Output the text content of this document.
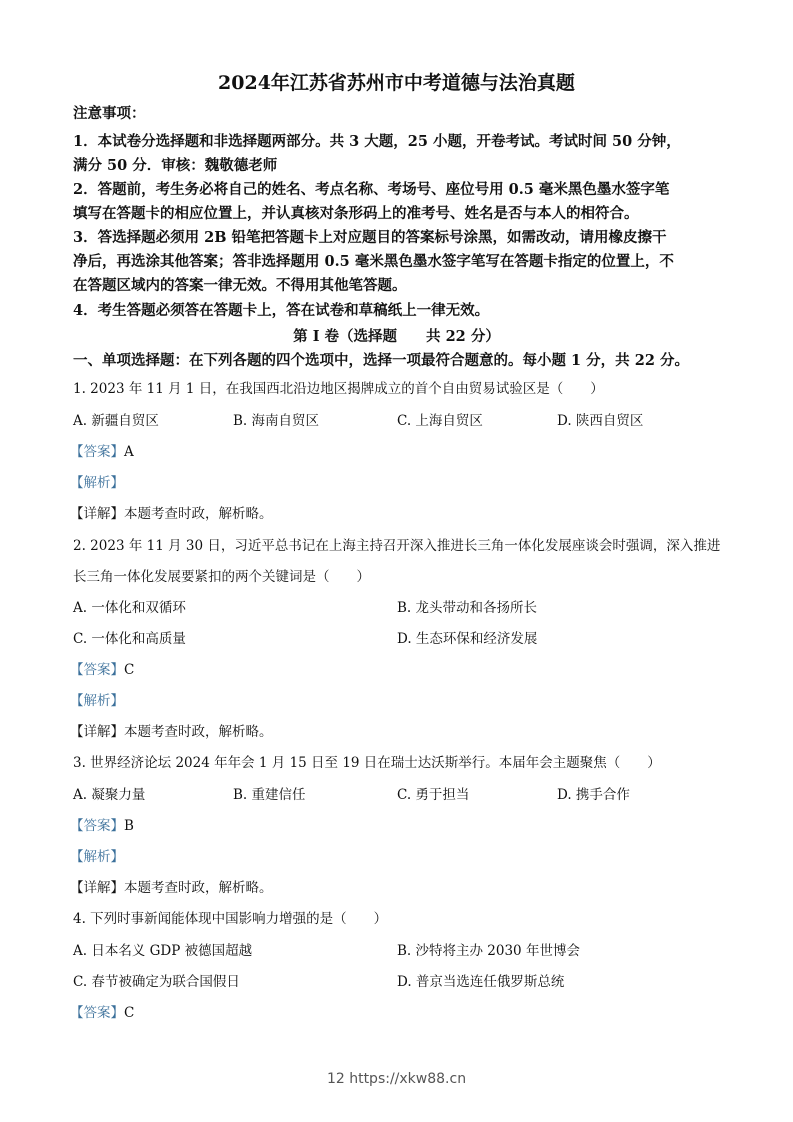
2024年江苏省苏州市中考道德与法治真题
注意事项：
1．本试卷分选择题和非选择题两部分。共 3 大题，25 小题，开卷考试。考试时间 50 分钟，
满分 50 分．审核：魏敬德老师
2．答题前，考生务必将自己的姓名、考点名称、考场号、座位号用 0.5 毫米黑色墨水签字笔
填写在答题卡的相应位置上，并认真核对条形码上的准考号、姓名是否与本人的相符合。
3．答选择题必须用 2B 铅笔把答题卡上对应题目的答案标号涂黑，如需改动，请用橡皮擦干
净后，再选涂其他答案；答非选择题用 0.5 毫米黑色墨水签字笔写在答题卡指定的位置上，不
在答题区域内的答案一律无效。不得用其他笔答题。
4．考生答题必须答在答题卡上，答在试卷和草稿纸上一律无效。
第 I 卷（选择题　　共 22 分）
一、单项选择题：在下列各题的四个选项中，选择一项最符合题意的。每小题 1 分，共 22 分。
1. 2023 年 11 月 1 日，在我国西北沿边地区揭牌成立的首个自由贸易试验区是（　　）
A. 新疆自贸区	B. 海南自贸区	C. 上海自贸区	D. 陕西自贸区
【答案】A
【解析】
【详解】本题考查时政，解析略。
2. 2023 年 11 月 30 日，习近平总书记在上海主持召开深入推进长三角一体化发展座谈会时强调，深入推进
长三角一体化发展要紧扣的两个关键词是（　　）
A. 一体化和双循环	B. 龙头带动和各扬所长
C. 一体化和高质量	D. 生态环保和经济发展
【答案】C
【解析】
【详解】本题考查时政，解析略。
3. 世界经济论坛 2024 年年会 1 月 15 日至 19 日在瑞士达沃斯举行。本届年会主题聚焦（　　）
A. 凝聚力量	B. 重建信任	C. 勇于担当	D. 携手合作
【答案】B
【解析】
【详解】本题考查时政，解析略。
4. 下列时事新闻能体现中国影响力增强的是（　　）
A. 日本名义 GDP 被德国超越	B. 沙特将主办 2030 年世博会
C. 春节被确定为联合国假日	D. 普京当选连任俄罗斯总统
【答案】C
12 https://xkw88.cn
